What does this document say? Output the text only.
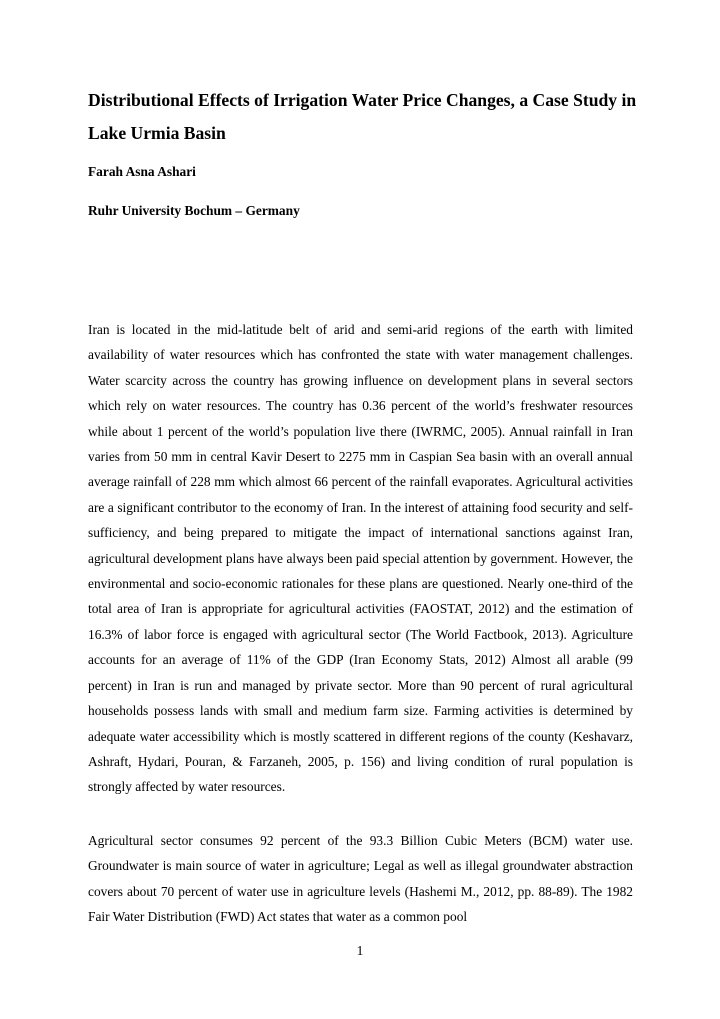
Distributional Effects of Irrigation Water Price Changes, a Case Study in Lake Urmia Basin

Farah Asna Ashari

Ruhr University Bochum – Germany

Iran is located in the mid-latitude belt of arid and semi-arid regions of the earth with limited availability of water resources which has confronted the state with water management challenges. Water scarcity across the country has growing influence on development plans in several sectors which rely on water resources. The country has 0.36 percent of the world’s freshwater resources while about 1 percent of the world’s population live there (IWRMC, 2005). Annual rainfall in Iran varies from 50 mm in central Kavir Desert to 2275 mm in Caspian Sea basin with an overall annual average rainfall of 228 mm which almost 66 percent of the rainfall evaporates. Agricultural activities are a significant contributor to the economy of Iran. In the interest of attaining food security and self-sufficiency, and being prepared to mitigate the impact of international sanctions against Iran, agricultural development plans have always been paid special attention by government. However, the environmental and socio-economic rationales for these plans are questioned. Nearly one-third of the total area of Iran is appropriate for agricultural activities (FAOSTAT, 2012) and the estimation of 16.3% of labor force is engaged with agricultural sector (The World Factbook, 2013). Agriculture accounts for an average of 11% of the GDP (Iran Economy Stats, 2012) Almost all arable (99 percent) in Iran is run and managed by private sector. More than 90 percent of rural agricultural households possess lands with small and medium farm size. Farming activities is determined by adequate water accessibility which is mostly scattered in different regions of the county (Keshavarz, Ashraft, Hydari, Pouran, & Farzaneh, 2005, p. 156) and living condition of rural population is strongly affected by water resources.

Agricultural sector consumes 92 percent of the 93.3 Billion Cubic Meters (BCM) water use. Groundwater is main source of water in agriculture; Legal as well as illegal groundwater abstraction covers about 70 percent of water use in agriculture levels (Hashemi M., 2012, pp. 88-89). The 1982 Fair Water Distribution (FWD) Act states that water as a common pool

1
